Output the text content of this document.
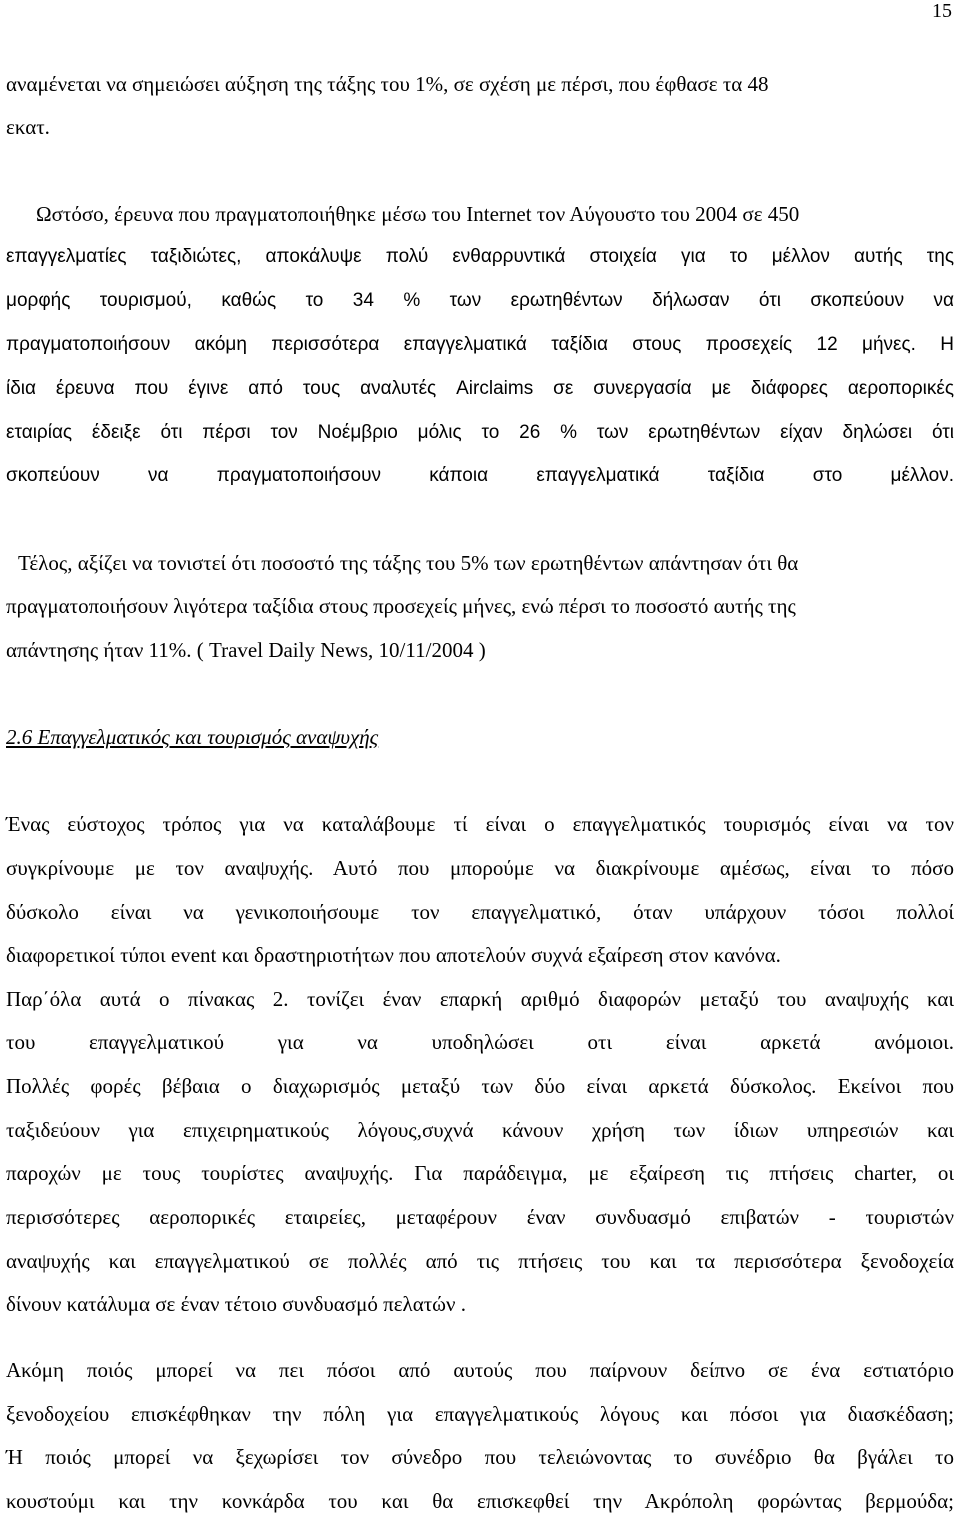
15
αναμένεται να σημειώσει αύξηση της τάξης του 1%, σε σχέση με πέρσι, που έφθασε τα 48
εκατ.
Ωστόσο, έρευνα που πραγματοποιήθηκε μέσω του Internet τον Αύγουστο του 2004 σε 450
επαγγελματίες ταξιδιώτες, αποκάλυψε πολύ ενθαρρυντικά στοιχεία για το μέλλον αυτής της
μορφής τουρισμού, καθώς το 34 % των ερωτηθέντων δήλωσαν ότι σκοπεύουν να
πραγματοποιήσουν ακόμη περισσότερα επαγγελματικά ταξίδια στους προσεχείς 12 μήνες. Η
ίδια έρευνα που έγινε από τους αναλυτές Airclaims σε συνεργασία με διάφορες αεροπορικές
εταιρίας έδειξε ότι πέρσι τον Νοέμβριο μόλις το 26 % των ερωτηθέντων είχαν δηλώσει ότι
σκοπεύουν να πραγματοποιήσουν κάποια επαγγελματικά ταξίδια στο μέλλον.
Τέλος, αξίζει να τονιστεί ότι ποσοστό της τάξης του 5% των ερωτηθέντων απάντησαν ότι θα
πραγματοποιήσουν λιγότερα ταξίδια στους προσεχείς μήνες, ενώ πέρσι το ποσοστό αυτής της
απάντησης ήταν 11%. ( Travel Daily News, 10/11/2004 )
2.6 Επαγγελματικός και τουρισμός αναψυχής
Ένας εύστοχος τρόπος για να καταλάβουμε τί είναι ο επαγγελματικός τουρισμός είναι να τον
συγκρίνουμε με τον αναψυχής. Αυτό που μπορούμε να διακρίνουμε αμέσως, είναι το πόσο
δύσκολο είναι να γενικοποιήσουμε τον επαγγελματικό, όταν υπάρχουν τόσοι πολλοί
διαφορετικοί τύποι event και δραστηριοτήτων που αποτελούν συχνά εξαίρεση στον κανόνα.
Παρ΄όλα αυτά ο πίνακας 2. τονίζει έναν επαρκή αριθμό διαφορών μεταξύ του αναψυχής και
του επαγγελματικού για να υποδηλώσει οτι είναι αρκετά ανόμοιοι.
Πολλές φορές βέβαια ο διαχωρισμός μεταξύ των δύο είναι αρκετά δύσκολος. Εκείνοι που
ταξιδεύουν για επιχειρηματικούς λόγους,συχνά κάνουν χρήση των ίδιων υπηρεσιών και
παροχών με τους τουρίστες αναψυχής. Για παράδειγμα, με εξαίρεση τις πτήσεις charter, οι
περισσότερες αεροπορικές εταιρείες, μεταφέρουν έναν συνδυασμό επιβατών - τουριστών
αναψυχής και επαγγελματικού σε πολλές από τις πτήσεις του και τα περισσότερα ξενοδοχεία
δίνουν κατάλυμα σε έναν τέτοιο συνδυασμό πελατών .
Ακόμη ποιός μπορεί να πει πόσοι από αυτούς που παίρνουν δείπνο σε ένα εστιατόριο
ξενοδοχείου επισκέφθηκαν την πόλη για επαγγελματικούς λόγους και πόσοι για διασκέδαση;
Ή ποιός μπορεί να ξεχωρίσει τον σύνεδρο που τελειώνοντας το συνέδριο θα βγάλει το
κουστούμι και την κονκάρδα του και θα επισκεφθεί την Ακρόπολη φορώντας βερμούδα;
